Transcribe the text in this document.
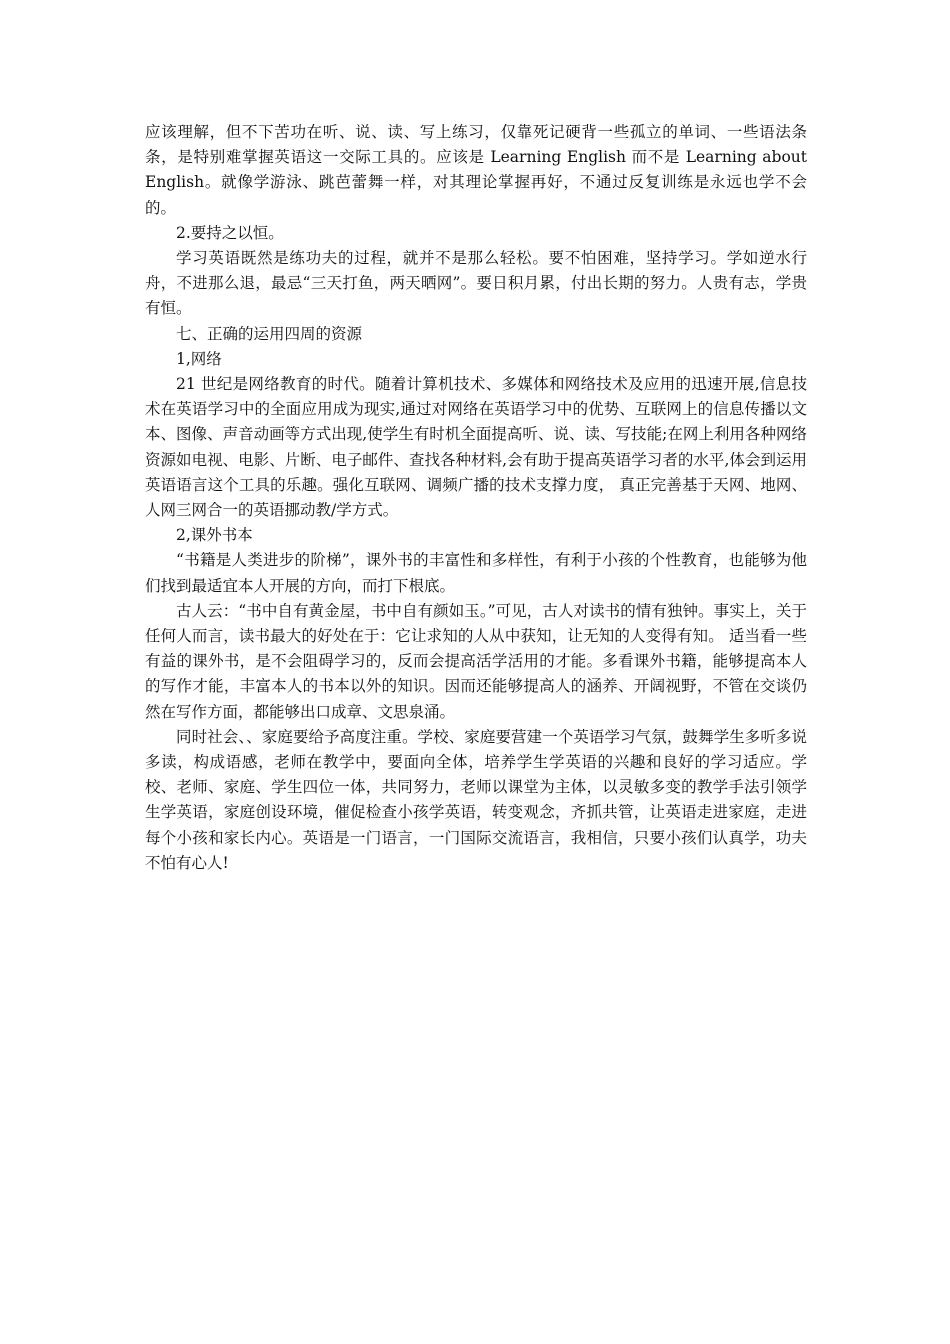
应该理解，但不下苦功在听、说、读、写上练习，仅靠死记硬背一些孤立的单词、一些语法条条，是特别难掌握英语这一交际工具的。应该是 Learning English 而不是 Learning about English。就像学游泳、跳芭蕾舞一样，对其理论掌握再好，不通过反复训练是永远也学不会的。

2.要持之以恒。

学习英语既然是练功夫的过程，就并不是那么轻松。要不怕困难，坚持学习。学如逆水行舟，不进那么退，最忌“三天打鱼，两天晒网”。要日积月累，付出长期的努力。人贵有志，学贵有恒。

七、正确的运用四周的资源

1,网络

21 世纪是网络教育的时代。随着计算机技术、多媒体和网络技术及应用的迅速开展,信息技术在英语学习中的全面应用成为现实,通过对网络在英语学习中的优势、互联网上的信息传播以文本、图像、声音动画等方式出现,使学生有时机全面提高听、说、读、写技能;在网上利用各种网络资源如电视、电影、片断、电子邮件、查找各种材料,会有助于提高英语学习者的水平,体会到运用英语语言这个工具的乐趣。强化互联网、调频广播的技术支撑力度， 真正完善基于天网、地网、人网三网合一的英语挪动教/学方式。

2,课外书本

“书籍是人类进步的阶梯”，课外书的丰富性和多样性，有利于小孩的个性教育，也能够为他们找到最适宜本人开展的方向，而打下根底。

古人云：“书中自有黄金屋，书中自有颜如玉。”可见，古人对读书的情有独钟。事实上，关于任何人而言，读书最大的好处在于：它让求知的人从中获知，让无知的人变得有知。 适当看一些有益的课外书，是不会阻碍学习的，反而会提高活学活用的才能。多看课外书籍，能够提高本人的写作才能，丰富本人的书本以外的知识。因而还能够提高人的涵养、开阔视野，不管在交谈仍然在写作方面，都能够出口成章、文思泉涌。

同时社会、、家庭要给予高度注重。学校、家庭要营建一个英语学习气氛，鼓舞学生多听多说多读，构成语感，老师在教学中，要面向全体，培养学生学英语的兴趣和良好的学习适应。学校、老师、家庭、学生四位一体，共同努力，老师以课堂为主体，以灵敏多变的教学手法引领学生学英语，家庭创设环境，催促检查小孩学英语，转变观念，齐抓共管，让英语走进家庭，走进每个小孩和家长内心。英语是一门语言，一门国际交流语言，我相信，只要小孩们认真学，功夫不怕有心人!
